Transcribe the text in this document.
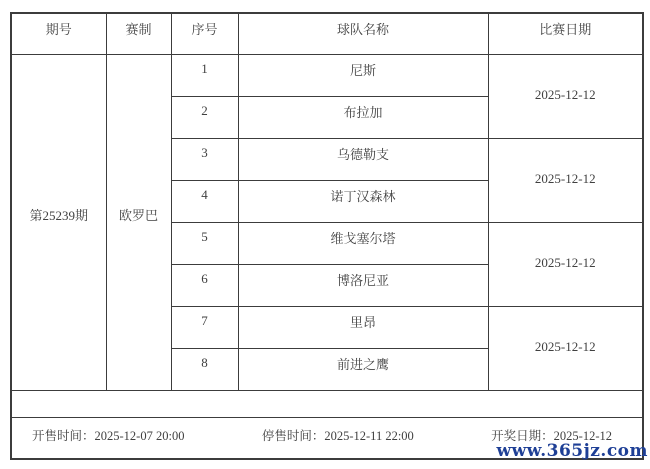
期号	赛制	序号	球队名称	比赛日期
第25239期	欧罗巴	1	尼斯	2025-12-12
		2	布拉加	
		3	乌德勒支	2025-12-12
		4	诺丁汉森林	
		5	维戈塞尔塔	2025-12-12
		6	博洛尼亚	
		7	里昂	2025-12-12
		8	前进之鹰	

开售时间：2025-12-07 20:00 停售时间：2025-12-11 22:00 开奖日期：2025-12-12				
www.365jz.com
